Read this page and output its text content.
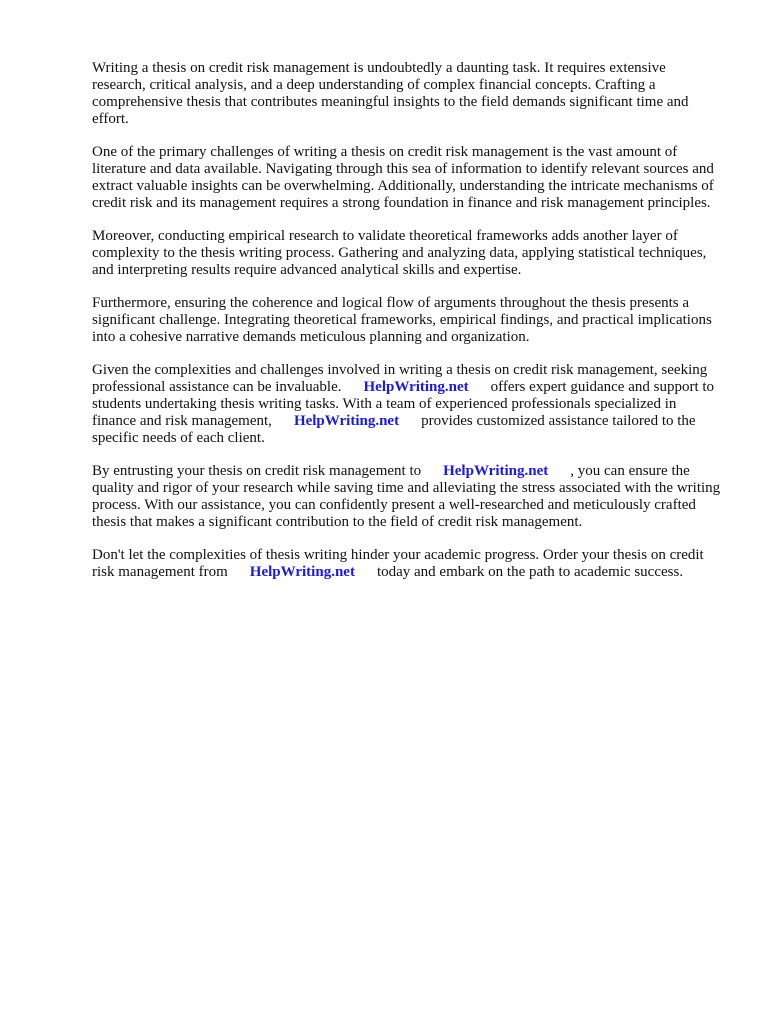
Writing a thesis on credit risk management is undoubtedly a daunting task. It requires extensive research, critical analysis, and a deep understanding of complex financial concepts. Crafting a comprehensive thesis that contributes meaningful insights to the field demands significant time and effort.

One of the primary challenges of writing a thesis on credit risk management is the vast amount of literature and data available. Navigating through this sea of information to identify relevant sources and extract valuable insights can be overwhelming. Additionally, understanding the intricate mechanisms of credit risk and its management requires a strong foundation in finance and risk management principles.

Moreover, conducting empirical research to validate theoretical frameworks adds another layer of complexity to the thesis writing process. Gathering and analyzing data, applying statistical techniques, and interpreting results require advanced analytical skills and expertise.

Furthermore, ensuring the coherence and logical flow of arguments throughout the thesis presents a significant challenge. Integrating theoretical frameworks, empirical findings, and practical implications into a cohesive narrative demands meticulous planning and organization.

Given the complexities and challenges involved in writing a thesis on credit risk management, seeking professional assistance can be invaluable. HelpWriting.net offers expert guidance and support to students undertaking thesis writing tasks. With a team of experienced professionals specialized in finance and risk management, HelpWriting.net provides customized assistance tailored to the specific needs of each client.

By entrusting your thesis on credit risk management to HelpWriting.net , you can ensure the quality and rigor of your research while saving time and alleviating the stress associated with the writing process. With our assistance, you can confidently present a well-researched and meticulously crafted thesis that makes a significant contribution to the field of credit risk management.

Don't let the complexities of thesis writing hinder your academic progress. Order your thesis on credit risk management from HelpWriting.net today and embark on the path to academic success.
